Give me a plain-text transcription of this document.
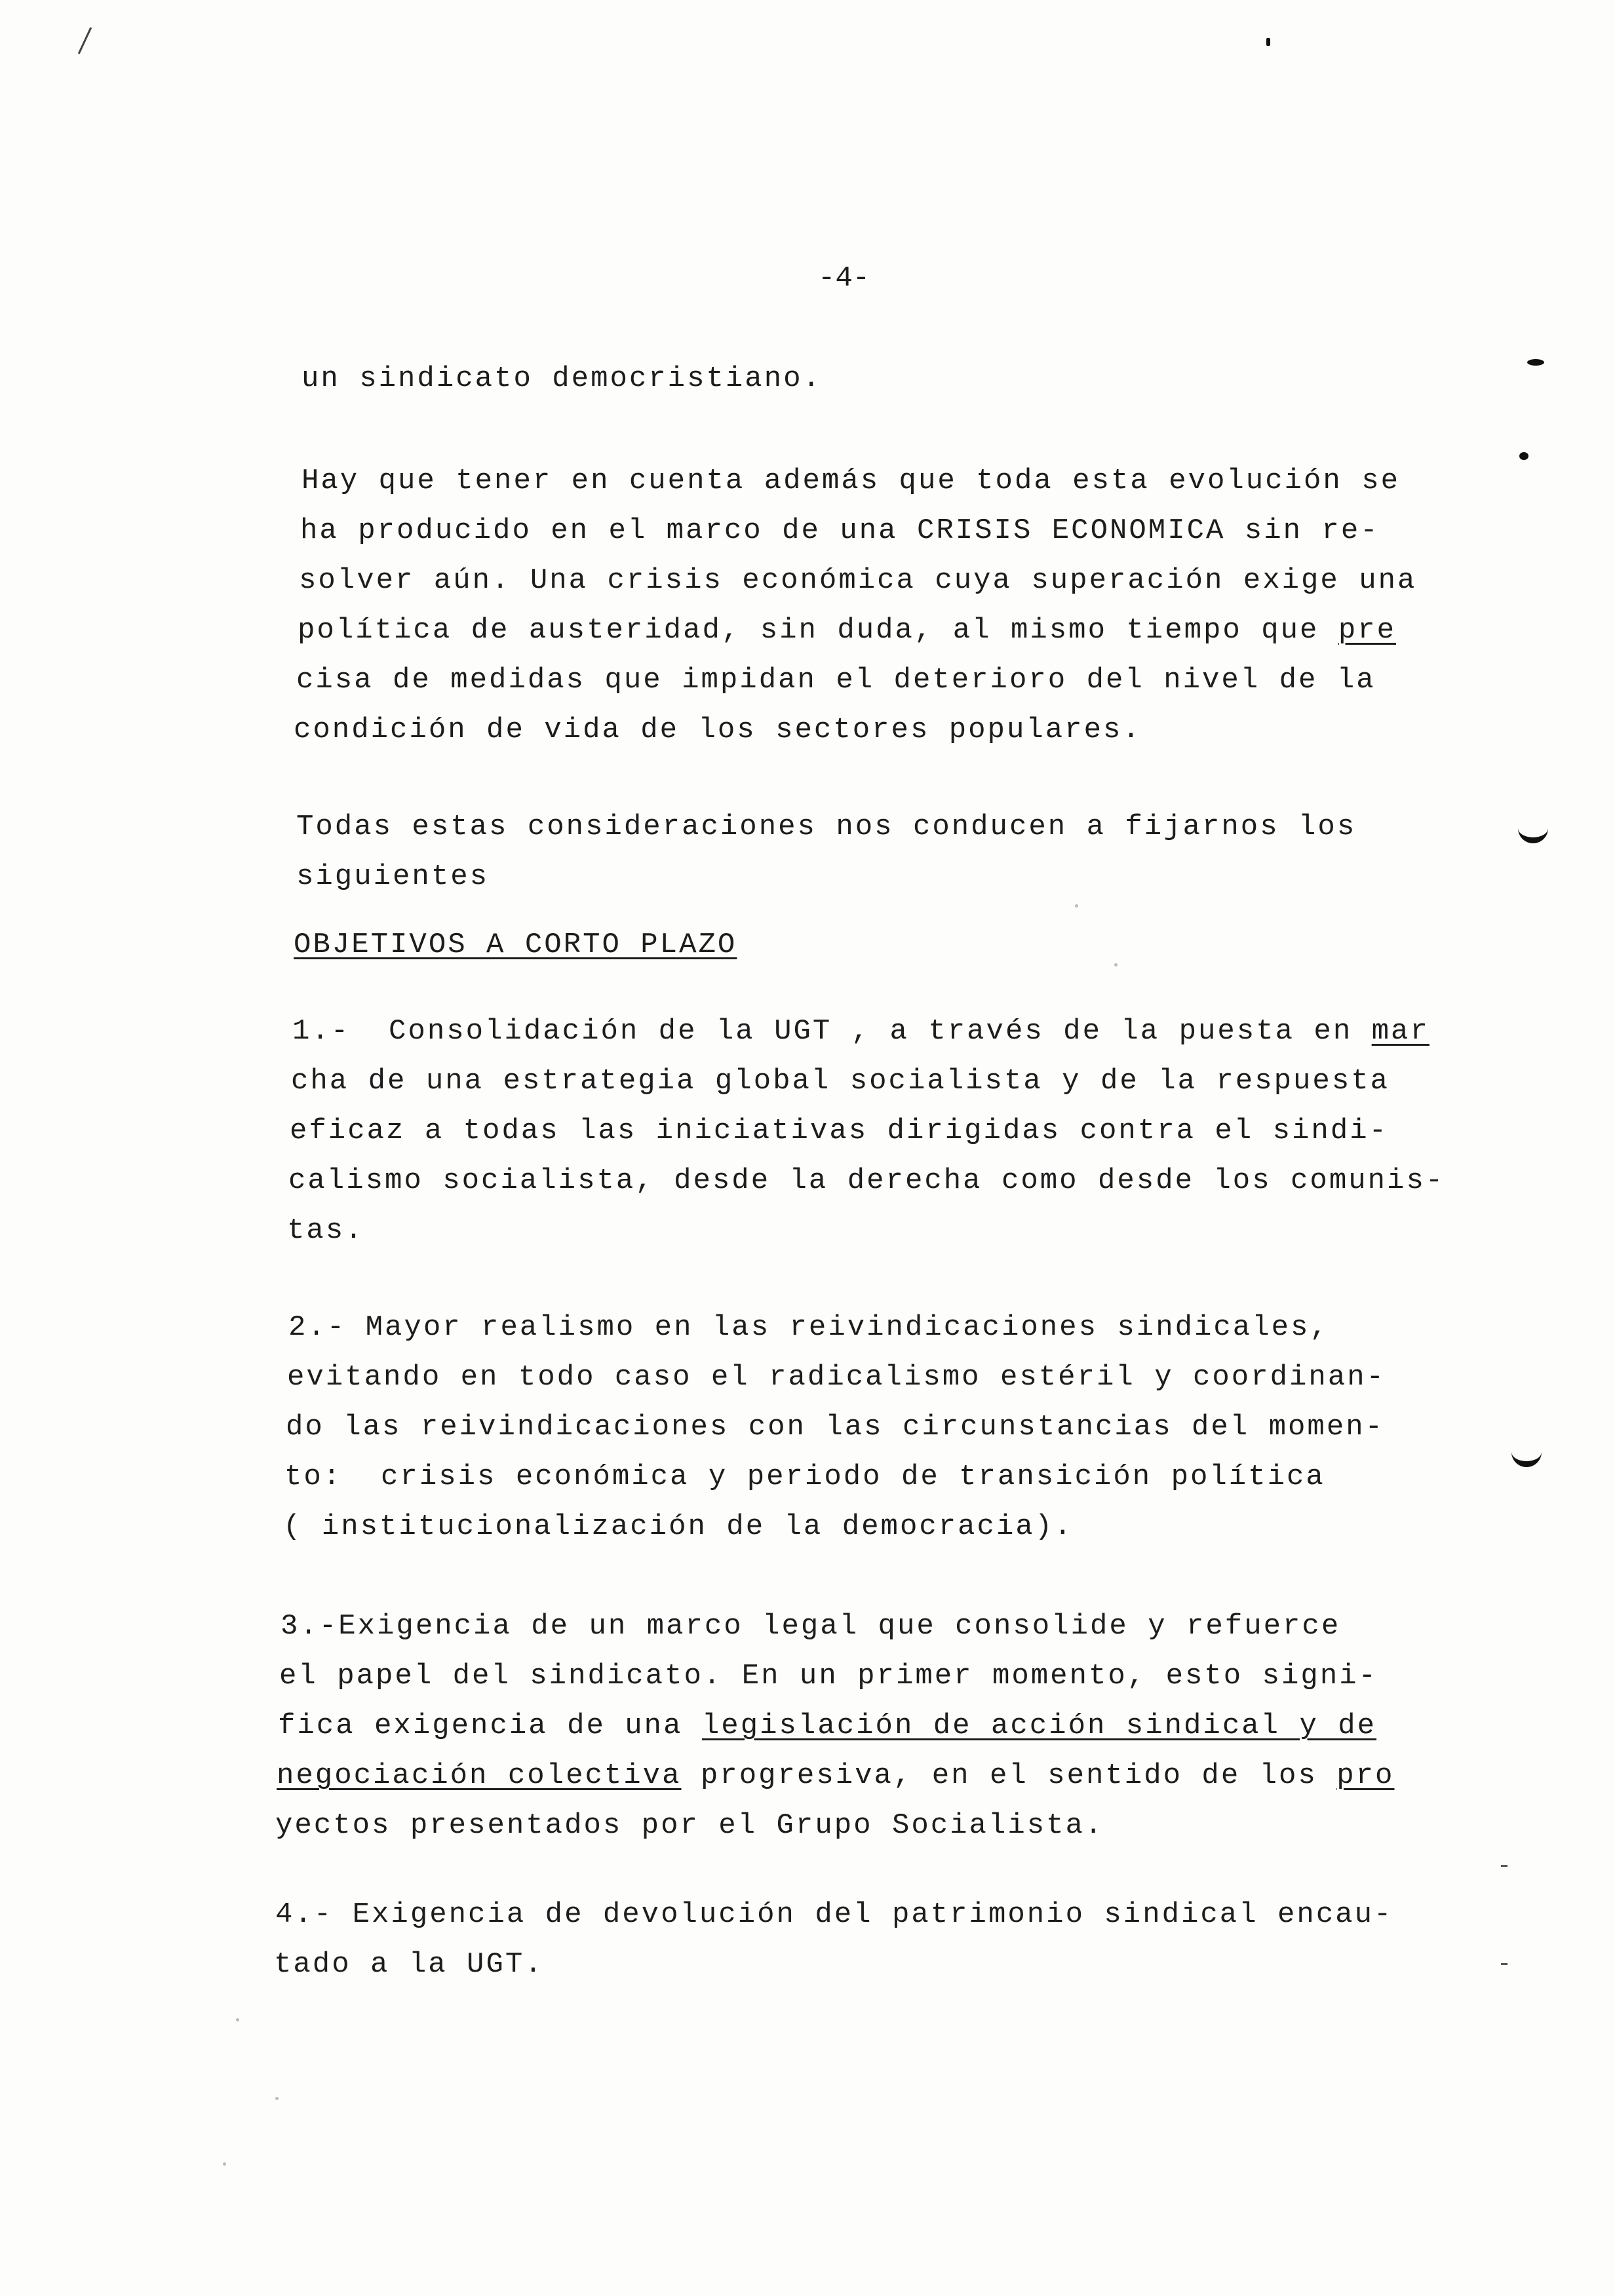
-4-
un sindicato democristiano.
Hay que tener en cuenta además que toda esta evolución se
ha producido en el marco de una CRISIS ECONOMICA sin re-
solver aún. Una crisis económica cuya superación exige una
política de austeridad, sin duda, al mismo tiempo que pre
cisa de medidas que impidan el deterioro del nivel de la
condición de vida de los sectores populares.
Todas estas consideraciones nos conducen a fijarnos los
siguientes
OBJETIVOS A CORTO PLAZO
1.-  Consolidación de la UGT , a través de la puesta en mar
cha de una estrategia global socialista y de la respuesta
eficaz a todas las iniciativas dirigidas contra el sindi-
calismo socialista, desde la derecha como desde los comunis-
tas.
2.- Mayor realismo en las reivindicaciones sindicales,
evitando en todo caso el radicalismo estéril y coordinan-
do las reivindicaciones con las circunstancias del momen-
to:  crisis económica y periodo de transición política
( institucionalización de la democracia).
3.-Exigencia de un marco legal que consolide y refuerce
el papel del sindicato. En un primer momento, esto signi-
fica exigencia de una legislación de acción sindical y de
negociación colectiva progresiva, en el sentido de los pro
yectos presentados por el Grupo Socialista.
4.- Exigencia de devolución del patrimonio sindical encau-
tado a la UGT.
